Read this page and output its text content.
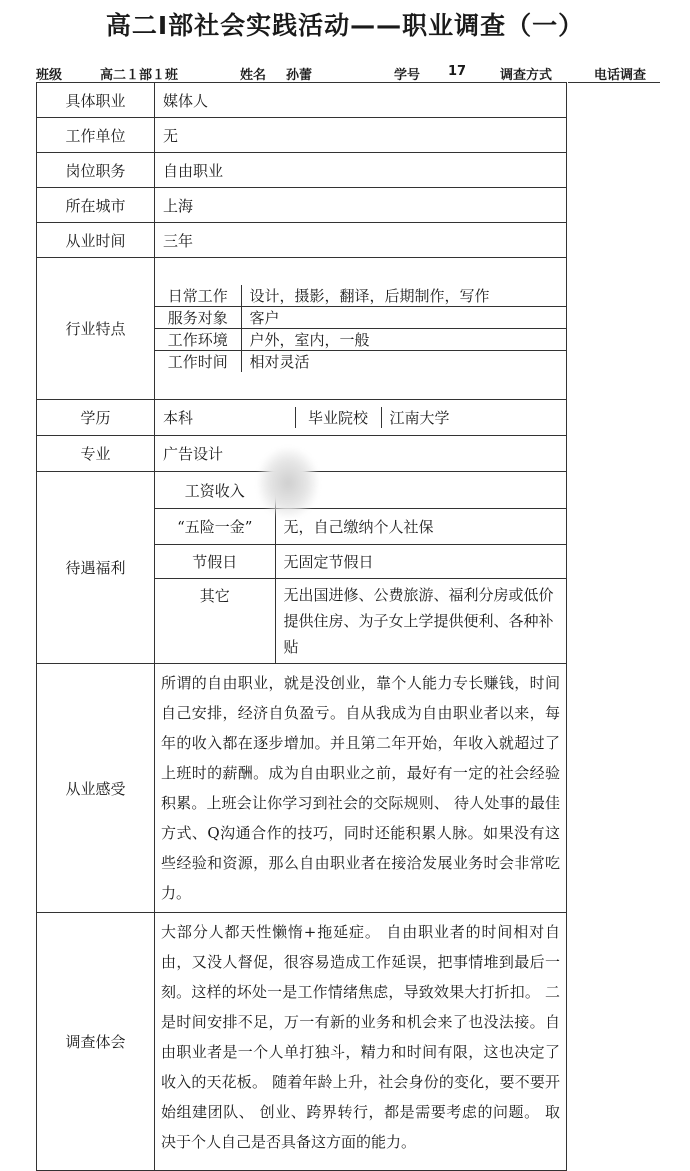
高二Ⅰ部社会实践活动——职业调查（一）
班级	高二１部１班	姓名 孙蕾	学号 17	调查方式	电话调查
具体职业	媒体人
工作单位	无
岗位职务	自由职业
所在城市	上海
从业时间	三年
行业特点	
日常工作	设计，摄影，翻译，后期制作，写作
服务对象	客户
工作环境	户外，室内，一般
工作时间	相对灵活

学历		本科	毕业院校	江南大学

专业	广告设计
待遇福利	
工资收入	
“五险一金”	无，自己缴纳个人社保
节假日	无固定节假日
其它	无出国进修、公费旅游、福利分房或低价提供住房、为子女上学提供便利、各种补贴

从业感受	所谓的自由职业，就是没创业，靠个人能力专长赚钱，时间自己安排，经济自负盈亏。自从我成为自由职业者以来，每年的收入都在逐步增加。并且第二年开始，年收入就超过了上班时的薪酬。成为自由职业之前，最好有一定的社会经验积累。上班会让你学习到社会的交际规则、 待人处事的最佳方式、Q沟通合作的技巧，同时还能积累人脉。如果没有这些经验和资源，那么自由职业者在接洽发展业务时会非常吃力。
调查体会	大部分人都天性懒惰+拖延症。 自由职业者的时间相对自由，又没人督促，很容易造成工作延误，把事情堆到最后一刻。这样的坏处一是工作情绪焦虑，导致效果大打折扣。 二是时间安排不足，万一有新的业务和机会来了也没法接。自由职业者是一个人单打独斗，精力和时间有限，这也决定了收入的天花板。 随着年龄上升，社会身份的变化，要不要开始组建团队、 创业、跨界转行，都是需要考虑的问题。 取决于个人自己是否具备这方面的能力。
